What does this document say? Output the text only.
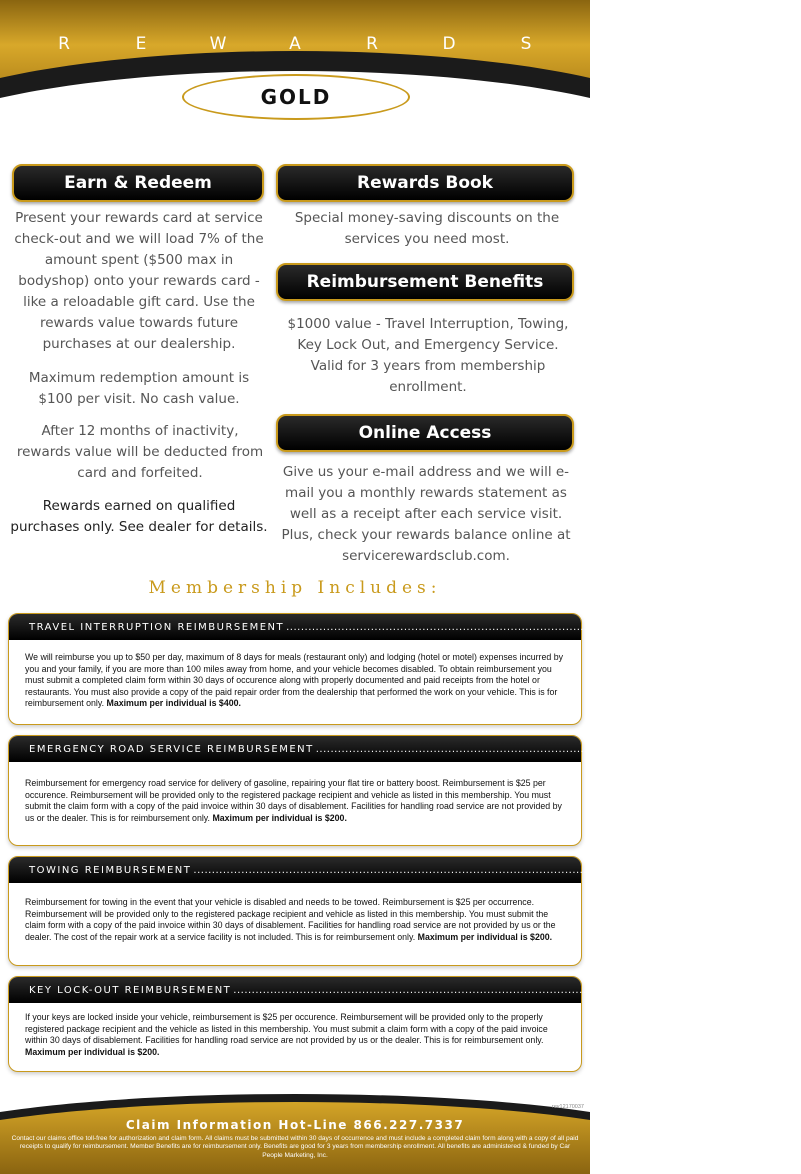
R	E	W	A	R	D	S
GOLD
Earn & Redeem
Present your rewards card at service check-out and we will load 7% of the amount spent ($500 max in bodyshop) onto your rewards card - like a reloadable gift card. Use the rewards value towards future purchases at our dealership.
Maximum redemption amount is $100 per visit. No cash value.
After 12 months of inactivity, rewards value will be deducted from card and forfeited.
Rewards earned on qualified purchases only. See dealer for details.
Rewards Book
Special money-saving discounts on the services you need most.
Reimbursement Benefits
$1000 value - Travel Interruption, Towing, Key Lock Out, and Emergency Service. Valid for 3 years from membership enrollment.
Online Access
Give us your e-mail address and we will e-mail you a monthly rewards statement as well as a receipt after each service visit. Plus, check your rewards balance online at servicerewardsclub.com.
Membership Includes:
TRAVEL INTERRUPTION REIMBURSEMENT .............................................................................................................. $400 VALUE
We will reimburse you up to $50 per day, maximum of 8 days for meals (restaurant only) and lodging (hotel or motel) expenses incurred by you and your family, if you are more than 100 miles away from home, and your vehicle becomes disabled. To obtain reimbursement you must submit a completed claim form within 30 days of occurence along with properly documented and paid receipts from the hotel or restaurants. You must also provide a copy of the paid repair order from the dealership that performed the work on your vehicle. This is for reimbursement only. Maximum per individual is $400.
EMERGENCY ROAD SERVICE REIMBURSEMENT .............................................................................................................. $200 VALUE
Reimbursement for emergency road service for delivery of gasoline, repairing your flat tire or battery boost. Reimbursement is $25 per occurence. Reimbursement will be provided only to the registered package recipient and vehicle as listed in this membership. You must submit the claim form with a copy of the paid invoice within 30 days of disablement. Facilities for handling road service are not provided by us or the dealer. This is for reimbursement only. Maximum per individual is $200.
TOWING REIMBURSEMENT .............................................................................................................. $200 VALUE
Reimbursement for towing in the event that your vehicle is disabled and needs to be towed. Reimbursement is $25 per occurrence. Reimbursement will be provided only to the registered package recipient and vehicle as listed in this membership. You must submit the claim form with a copy of the paid invoice within 30 days of disablement. Facilities for handling road service are not provided by us or the dealer. The cost of the repair work at a service facility is not included. This is for reimbursement only. Maximum per individual is $200.
KEY LOCK-OUT REIMBURSEMENT .............................................................................................................. $200 VALUE
If your keys are locked inside your vehicle, reimbursement is $25 per occurence. Reimbursement will be provided only to the properly registered package recipient and the vehicle as listed in this membership. You must submit a claim form with a copy of the paid invoice within 30 days of disablement. Facilities for handling road service are not provided by us or the dealer. This is for reimbursement only. Maximum per individual is $200.
rev12170037
Claim Information Hot-Line 866.227.7337
Contact our claims office toll-free for authorization and claim form. All claims must be submitted within 30 days of occurrence and must include a completed claim form along with a copy of all paid receipts to qualify for reimbursement. Member Benefits are for reimbursement only. Benefits are good for 3 years from membership enrollment. All benefits are administered & funded by Car People Marketing, Inc.
